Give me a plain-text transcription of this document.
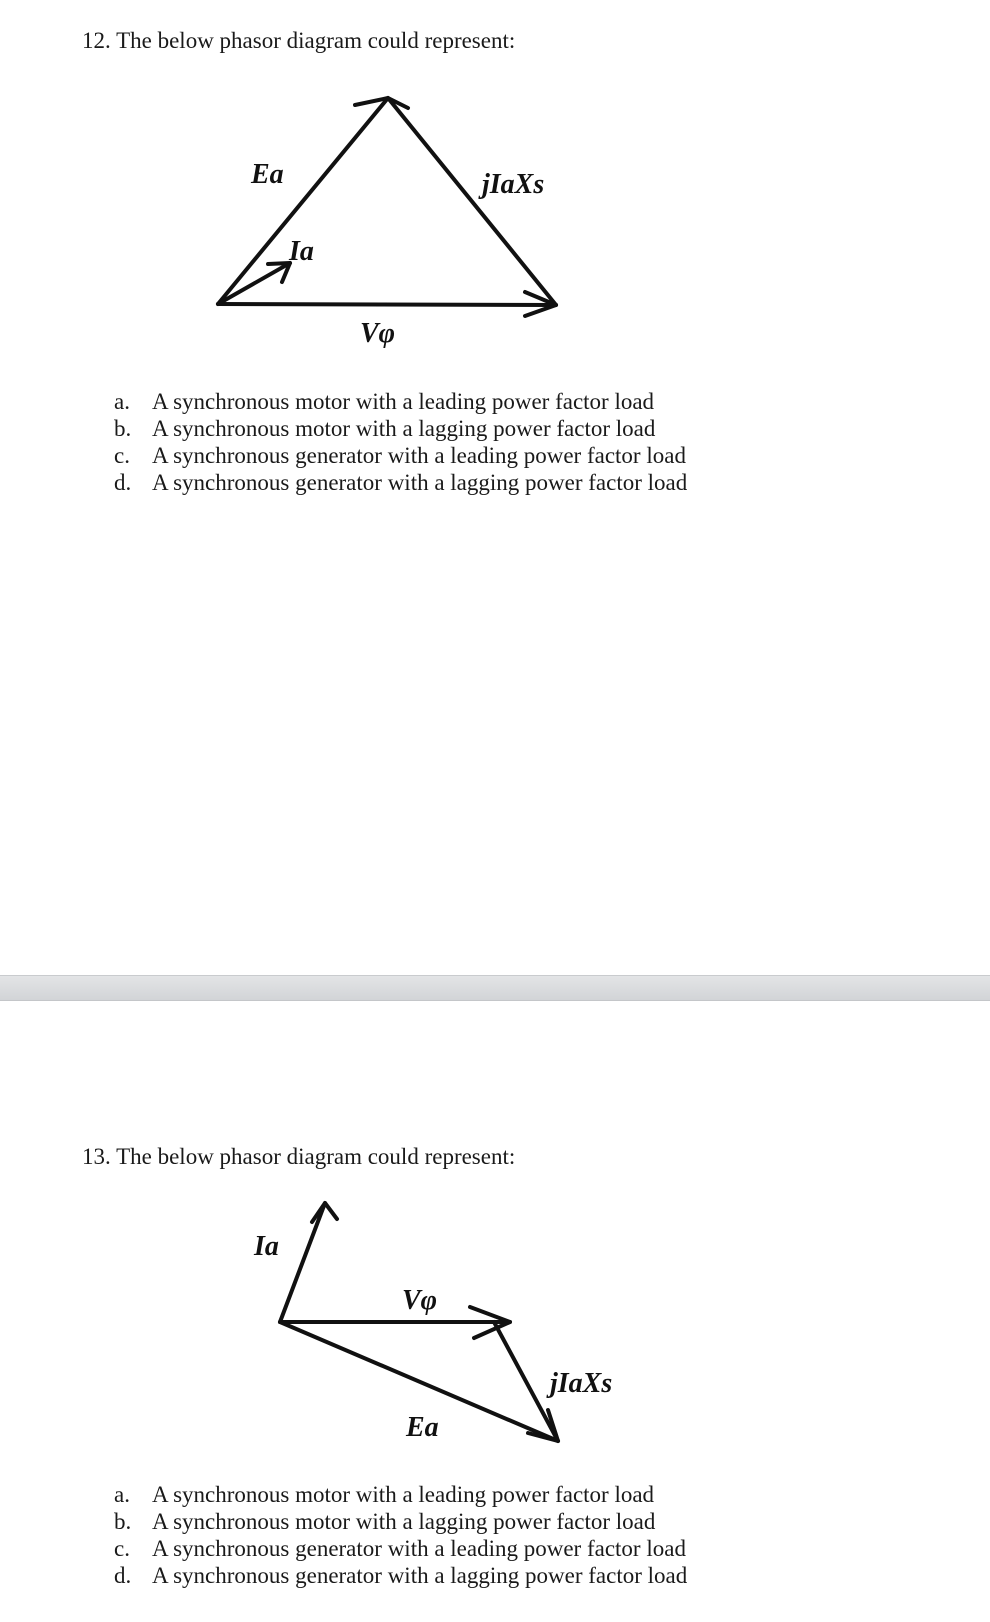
12. The below phasor diagram could represent:
Ea	jIaXs
Ia
Vφ
a. A synchronous motor with a leading power factor load
b. A synchronous motor with a lagging power factor load
c. A synchronous generator with a leading power factor load
d. A synchronous generator with a lagging power factor load
13. The below phasor diagram could represent:
Ia
Vφ
jIaXs
Ea
a. A synchronous motor with a leading power factor load
b. A synchronous motor with a lagging power factor load
c. A synchronous generator with a leading power factor load
d. A synchronous generator with a lagging power factor load
